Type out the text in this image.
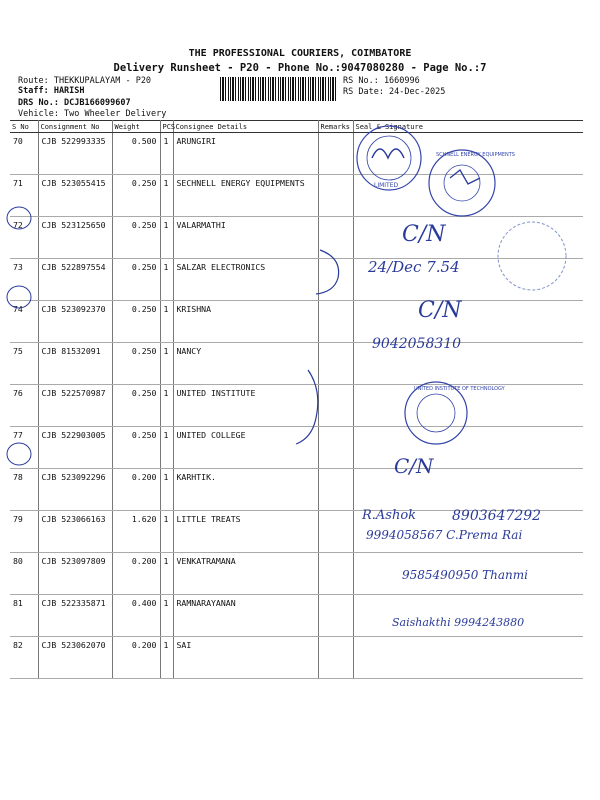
THE PROFESSIONAL COURIERS, COIMBATORE
Delivery Runsheet - P20 - Phone No.:9047080280 - Page No.:7
Route: THEKKUPALAYAM - P20
Staff: HARISH
DRS No.: DCJB166099607
Vehicle: Two Wheeler Delivery
RS No.: 1660996
RS Date: 24-Dec-2025
S No	Consignment No	Weight	PCS	Consignee Details	Remarks	Seal & Signature
70	CJB 522993335	0.500	1	ARUNGIRI		
71	CJB 523055415	0.250	1	SECHNELL ENERGY EQUIPMENTS		
72	CJB 523125650	0.250	1	VALARMATHI		
73	CJB 522897554	0.250	1	SALZAR ELECTRONICS		
74	CJB 523092370	0.250	1	KRISHNA		
75	CJB 81532091	0.250	1	NANCY		
76	CJB 522570987	0.250	1	UNITED INSTITUTE		
77	CJB 522903005	0.250	1	UNITED COLLEGE		
78	CJB 523092296	0.200	1	KARHTIK.		
79	CJB 523066163	1.620	1	LITTLE TREATS		
80	CJB 523097809	0.200	1	VENKATRAMANA		
81	CJB 522335871	0.400	1	RAMNARAYANAN		
82	CJB 523062070	0.200	1	SAI		
LIMITED
SCHNELL ENERGY EQUIPMENTS
UNITED INSTITUTE OF TECHNOLOGY
C/N
24/Dec 7.54
C/N
9042058310
C/N
R.Ashok	8903647292
9994058567 C.Prema Rai
9585490950 Thanmi
Saishakthi 9994243880
